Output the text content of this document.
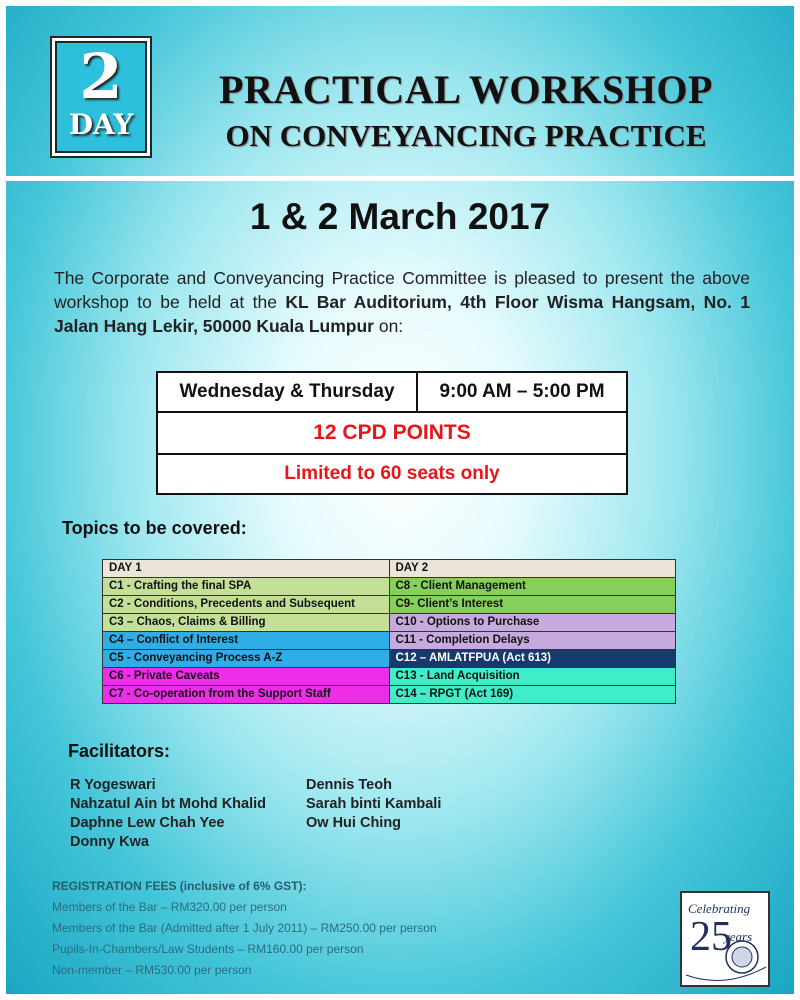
2
DAY
PRACTICAL WORKSHOP
ON CONVEYANCING PRACTICE
1 & 2 March 2017
The Corporate and Conveyancing Practice Committee is pleased to present the above workshop to be held at the KL Bar Auditorium, 4th Floor Wisma Hangsam, No. 1 Jalan Hang Lekir, 50000 Kuala Lumpur on:
Wednesday & Thursday	9:00 AM – 5:00 PM
12 CPD POINTS
Limited to 60 seats only
Topics to be covered:
DAY 1	DAY 2
C1 - Crafting the final SPA	C8 - Client Management
C2 - Conditions, Precedents and Subsequent	C9- Client’s Interest
C3 – Chaos, Claims & Billing	C10 - Options to Purchase
C4 – Conflict of Interest	C11 - Completion Delays
C5 - Conveyancing Process A-Z	C12 – AMLATFPUA (Act 613)
C6 - Private Caveats	C13 - Land Acquisition
C7 - Co-operation from the Support Staff	C14 – RPGT (Act 169)
Facilitators:
R Yogeswari
Nahzatul Ain bt Mohd Khalid
Daphne Lew Chah Yee
Donny Kwa
Dennis Teoh
Sarah binti Kambali
Ow Hui Ching
REGISTRATION FEES (inclusive of 6% GST):
Members of the Bar – RM320.00 per person
Members of the Bar (Admitted after 1 July 2011) – RM250.00 per person
Pupils-In-Chambers/Law Students – RM160.00 per person
Non-member – RM530.00 per person
Celebrating
25
years
